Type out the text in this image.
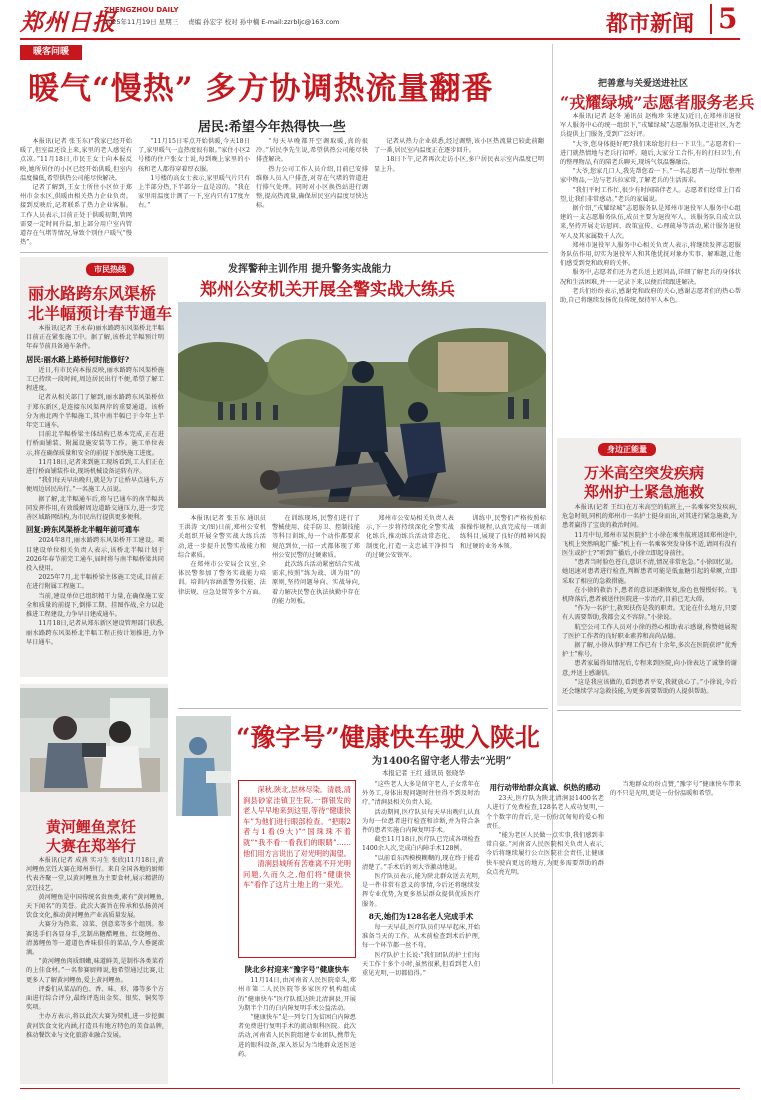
郑州日报
ZHENGZHOU DAILY
2025年11月19日 星期三 责编 孙宏宇 校对 孙中楠 E-mail:zzrbljc@163.com	都市新闻 5
暖客问暖
暖气“慢热” 多方协调热流量翻番
居民:希望今年热得快一些

本报讯(记者 张玉东)“我家已经开始暖了,但室温还没上来,家里的老人感觉有点凉。”11月18日,市民王女士向本报反映,她所居住的小区已经开始供暖,但室内温度偏低,希望供热公司能尽快解决。

记者了解到,王女士所住小区位于郑州市金水区,供暖由相关热力企业负责。接到反映后,记者联系了热力企业客服。工作人员表示,目前正处于供暖初期,管网需要一定时间升温,加上部分用户室内管道存在气堵等情况,导致个别住户暖气“慢热”。

“11月15日零点开始供暖,今天18日了,家里暖气一直热度很有限。”家住小区2号楼的住户张女士说,每到晚上家里的小孩和老人都得穿着厚衣服。

1号楼的高女士表示,家里暖气片只有上半部分热,下半部分一直是凉的。“我在家里用温度计测了一下,室内只有17度左右。”

“每天早晚都开空调取暖,真的很冷。”居民李先生说,希望供热公司能尽快排查解决。

热力公司工作人员介绍,目前已安排维修人员入户排查,对存在气堵的管道进行排气处理。同时对小区换热站进行调整,提高热流量,确保居民室内温度尽快达标。

记者从热力企业获悉,经过调整,该小区热流量已较此前翻了一番,居民室内温度正在逐步回升。

18日下午,记者再次走访小区,多户居民表示室内温度已明显上升。

市民热线
丽水路跨东风渠桥
北半幅预计春节通车

本报讯(记者 王永春)丽水路跨东风渠桥北半幅目前正在紧张施工中。据了解,该桥北半幅预计明年春节前具备通车条件。

居民:丽水路上路桥何时能修好?

近日,有市民向本报反映,丽水路跨东风渠桥施工已持续一段时间,周边居民出行不便,希望了解工程进度。

记者从相关部门了解到,丽水路跨东风渠桥位于郑东新区,是连接东风渠两岸的重要通道。该桥分为南北两个半幅施工,其中南半幅已于今年上半年完工通车。

目前北半幅桥梁主体结构已基本完成,正在进行桥面铺装、附属设施安装等工作。施工单位表示,将在确保质量和安全的前提下加快施工进度。

11月18日,记者来到施工现场看到,工人们正在进行桥面铺装作业,现场机械设备运转有序。

“我们每天早出晚归,就是为了让桥早点通车,方便周边居民出行。”一名施工人员说。

据了解,北半幅通车后,将与已通车的南半幅共同发挥作用,有效缓解周边道路交通压力,进一步完善区域路网结构,为市民出行提供更多便利。

回复:跨东风渠桥北半幅年前可通车

2024年8月,丽水路跨东风渠桥开工建设。项目建设单位相关负责人表示,该桥北半幅计划于2026年春节前完工通车,届时将与南半幅桥梁共同投入使用。

2025年7月,北半幅桥梁主体施工完成,目前正在进行附属工程施工。

当前,建设单位已组织精干力量,在确保施工安全和质量的前提下,倒排工期、挂图作战,全力以赴推进工程建设,力争早日建成通车。

11月18日,记者从郑东新区建设管理部门获悉,丽水路跨东风渠桥北半幅工程正按计划推进,力争早日通车。

发挥警种主训作用 提升警务实战能力
郑州公安机关开展全警实战大练兵

本报讯(记者 张玉东 通讯员 王洪涛 文/图)日前,郑州公安机关组织开展全警实战大练兵活动,进一步提升民警实战能力和综合素质。

在郑州市公安局会议室,全体民警参加了警务实战能力培训。培训内容涵盖警务技能、法律法规、应急处置等多个方面。

在训练现场,民警们进行了警械使用、徒手防卫、控制技能等科目训练,每一个动作都要求规范到位,一招一式都体现了郑州公安民警的过硬素质。

此次练兵活动紧密结合实战需求,按照“练为战、训为用”的原则,坚持问题导向、实战导向,着力解决民警在执法执勤中存在的能力短板。

郑州市公安局相关负责人表示,下一步将持续深化全警实战化练兵,推动练兵活动常态化、制度化,打造一支忠诚干净担当的过硬公安铁军。

训练中,民警们严格按照标准操作规程,认真完成每一项训练科目,展现了良好的精神风貌和过硬的业务本领。

把善意与关爱送进社区
“戎耀绿城”志愿者服务老兵

本报讯(记者 赵冬 通讯员 赵梅珍 朱建友)近日,在郑州市退役军人服务中心的统一组织下,“戎耀绿城”志愿服务队走进社区,为老兵提供上门服务,受到广泛好评。

“大爷,您身体挺好吧?我们来给您打扫一下卫生。”志愿者们一进门就热情地与老兵打招呼。随后,大家分工合作,有的打扫卫生,有的整理物品,有的陪老兵聊天,现场气氛温馨融洽。

“大爷,您家几口人,我先帮您看一下。”一名志愿者一边帮忙整理家中物品,一边与老兵拉家常,了解老兵的生活需求。

“我们平时工作忙,很少有时间陪伴老人。志愿者们经常上门看望,让我们非常感动。”老兵的家属说。

据介绍,“戎耀绿城”志愿服务队是郑州市退役军人服务中心组建的一支志愿服务队伍,成员主要为退役军人。该服务队自成立以来,坚持开展走访慰问、政策宣传、心理疏导等活动,累计服务退役军人及其家属数千人次。

郑州市退役军人服务中心相关负责人表示,将继续发挥志愿服务队伍作用,切实为退役军人和其他优抚对象办实事、解难题,让他们感受到党和政府的关怀。

服务中,志愿者们还为老兵送上慰问品,详细了解老兵的身体状况和生活困难,并一一记录下来,以便后续跟进解决。

老兵们纷纷表示,感谢党和政府的关心,感谢志愿者们的热心帮助,自己将继续发扬优良传统,保持军人本色。

身边正能量
万米高空突发疾病
郑州护士紧急施救

本报讯(记者 王红)在万米高空的航班上,一名乘客突发疾病,危急时刻,同机的郑州市一名护士挺身而出,对其进行紧急施救,为患者赢得了宝贵的救治时间。

11月中旬,郑州市某医院护士小徐在乘坐航班返回郑州途中,飞机上突然响起广播:“机上有一名乘客突发身体不适,请问有没有医生或护士?”听到广播后,小徐立即起身前往。

“患者当时脸色苍白,意识不清,情况非常危急。”小徐回忆说。她迅速对患者进行检查,判断患者可能是低血糖引起的晕厥,立即采取了相应的急救措施。

在小徐的救治下,患者的意识逐渐恢复,脸色也慢慢好转。飞机降落后,患者被送往医院进一步治疗,目前已无大碍。

“作为一名护士,救死扶伤是我的职责。无论在什么地方,只要有人需要帮助,我都会义不容辞。”小徐说。

航空公司工作人员对小徐的热心相助表示感谢,称赞她展现了医护工作者的良好职业素养和高尚品德。

据了解,小徐从事护理工作已有十余年,多次在医院获评“优秀护士”称号。

患者家属得知情况后,专程来到医院,向小徐表达了诚挚的谢意,并送上感谢信。

“这是我应该做的,看到患者平安,我就放心了。”小徐说,今后还会继续学习急救技能,为更多需要帮助的人提供帮助。

“豫字号”健康快车驶入陕北
为1400名留守老人带去“光明”
本报记者 王红 通讯员 张晓华
黄河鲤鱼烹饪
大赛在郑举行

本报讯(记者 成燕 实习生 张欣)11月18日,黄河鲤鱼烹饪大赛在郑州举行。来自全国各地的厨师代表齐聚一堂,以黄河鲤鱼为主要食材,展示精湛的烹饪技艺。

黄河鲤鱼是中国传统名贵鱼类,素有“黄河鲤鱼,天下闻名”的美誉。此次大赛旨在传承和弘扬黄河饮食文化,推动黄河鲤鱼产业高质量发展。

大赛分为热菜、凉菜、创意菜等多个组别。参赛选手们各显身手,烹制出糖醋鲤鱼、红烧鲤鱼、清蒸鲤鱼等一道道色香味俱佳的菜品,令人垂涎欲滴。

“黄河鲤鱼肉质细嫩,味道鲜美,是制作各类菜肴的上佳食材。”一名参赛厨师说,他希望通过比赛,让更多人了解黄河鲤鱼,爱上黄河鲤鱼。

评委们从菜品的色、香、味、形、器等多个方面进行综合评分,最终评选出金奖、银奖、铜奖等奖项。

主办方表示,将以此次大赛为契机,进一步挖掘黄河饮食文化内涵,打造具有地方特色的美食品牌,推动餐饮业与文化旅游业融合发展。

深秋,陕北,层林尽染。清晨,清涧县砂家洼镇卫生院,一群银发的老人早早地来到这里,等待“健康快车”为他们进行眼部检查。“把眼2者与1看(9大)”“国珠珠不着就”“我不看一看我们的眼睛”……他们用方言说出了对光明的渴望。

清涧县城所有苦难离不开光明问题,久而久之,他们将“健康快车”看作了这片土地上的一束光。

陕北乡村迎来“豫字号”健康快车

11月14日,由河南省人民医院牵头,郑州市第二人民医院等多家医疗机构组成的“健康快车”医疗队抵达陕北清涧县,开展为期半个月的白内障复明手术公益活动。

“健康快车”是一列专门为贫困白内障患者免费进行复明手术的流动眼科医院。此次活动,河南省人民医院组建专业团队,携带先进的眼科设备,深入基层为当地群众送医送药。

“这些老人大多是留守老人,子女常年在外务工,身体出现问题时往往得不到及时治疗。”清涧县相关负责人说。

活动期间,医疗队员每天早出晚归,认真为每一位患者进行检查和诊断,并为符合条件的患者实施白内障复明手术。

截至11月18日,医疗队已完成各项检查1400余人次,完成白内障手术128例。

“以前看东西模模糊糊的,现在终于能看清楚了。”手术后的刘大爷激动地说。

医疗队员表示,能为陕北群众送去光明,是一件非常有意义的事情,今后还将继续发挥专业优势,为更多基层群众提供优质医疗服务。

8天,她们为128名老人完成手术

每一天早晨,医疗队员们早早起床,开始准备当天的工作。从术前检查到术后护理,每一个环节都一丝不苟。

医疗队护士长说:“我们团队的护士们每天工作十多个小时,虽然很累,但看到老人们重见光明,一切都值得。”

用行动带给群众真诚、织热的感动

23天,医疗队为陕北清涧县1400名老人进行了免费检查,128名老人成功复明,一个个数字的背后,是一份份沉甸甸的爱心和责任。

“能为老区人民做一点实事,我们感到非常自豪。”河南省人民医院相关负责人表示,今后将继续履行公立医院社会责任,让健康快车驶向更远的地方,为更多需要帮助的群众点亮光明。

当地群众纷纷点赞,“豫字号”健康快车带来的不只是光明,更是一份份温暖和希望。
